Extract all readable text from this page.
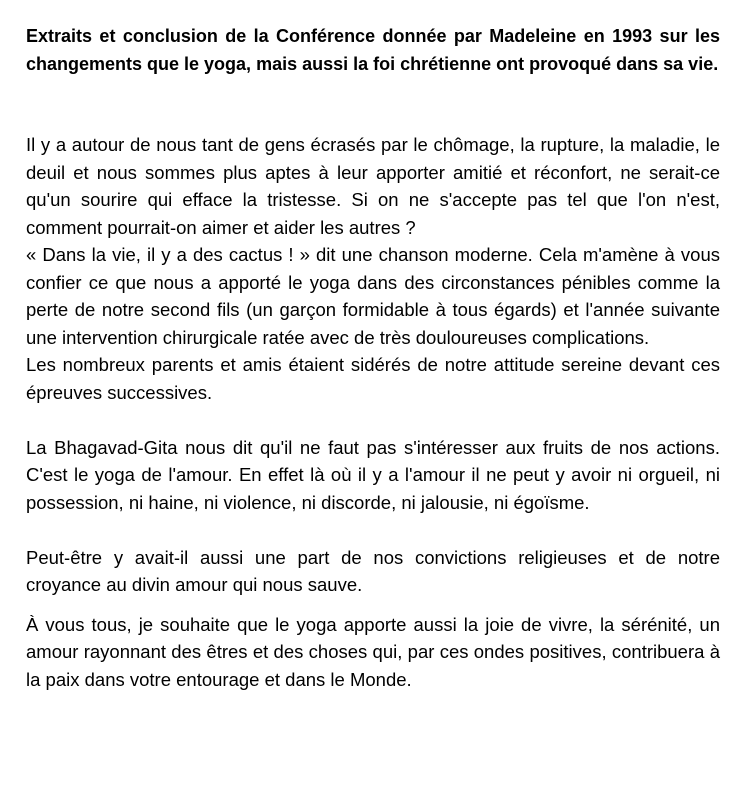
Extraits et conclusion de la Conférence donnée par Madeleine en 1993 sur les changements que le yoga, mais aussi la foi chrétienne ont provoqué dans sa vie.

Il y a autour de nous tant de gens écrasés par le chômage, la rupture, la maladie, le deuil et nous sommes plus aptes à leur apporter amitié et réconfort, ne serait-ce qu'un sourire qui efface la tristesse. Si on ne s'accepte pas tel que l'on n'est, comment pourrait-on aimer et aider les autres ?

« Dans la vie, il y a des cactus ! » dit une chanson moderne. Cela m'amène à vous confier ce que nous a apporté le yoga dans des circonstances pénibles comme la perte de notre second fils (un garçon formidable à tous égards) et l'année suivante une intervention chirurgicale ratée avec de très douloureuses complications.

Les nombreux parents et amis étaient sidérés de notre attitude sereine devant ces épreuves successives.

La Bhagavad-Gita nous dit qu'il ne faut pas s'intéresser aux fruits de nos actions. C'est le yoga de l'amour. En effet là où il y a l'amour il ne peut y avoir ni orgueil, ni possession, ni haine, ni violence, ni discorde, ni jalousie, ni égoïsme.

Peut-être y avait-il aussi une part de nos convictions religieuses et de notre croyance au divin amour qui nous sauve.

À vous tous, je souhaite que le yoga apporte aussi la joie de vivre, la sérénité, un amour rayonnant des êtres et des choses qui, par ces ondes positives, contribuera à la paix dans votre entourage et dans le Monde.
